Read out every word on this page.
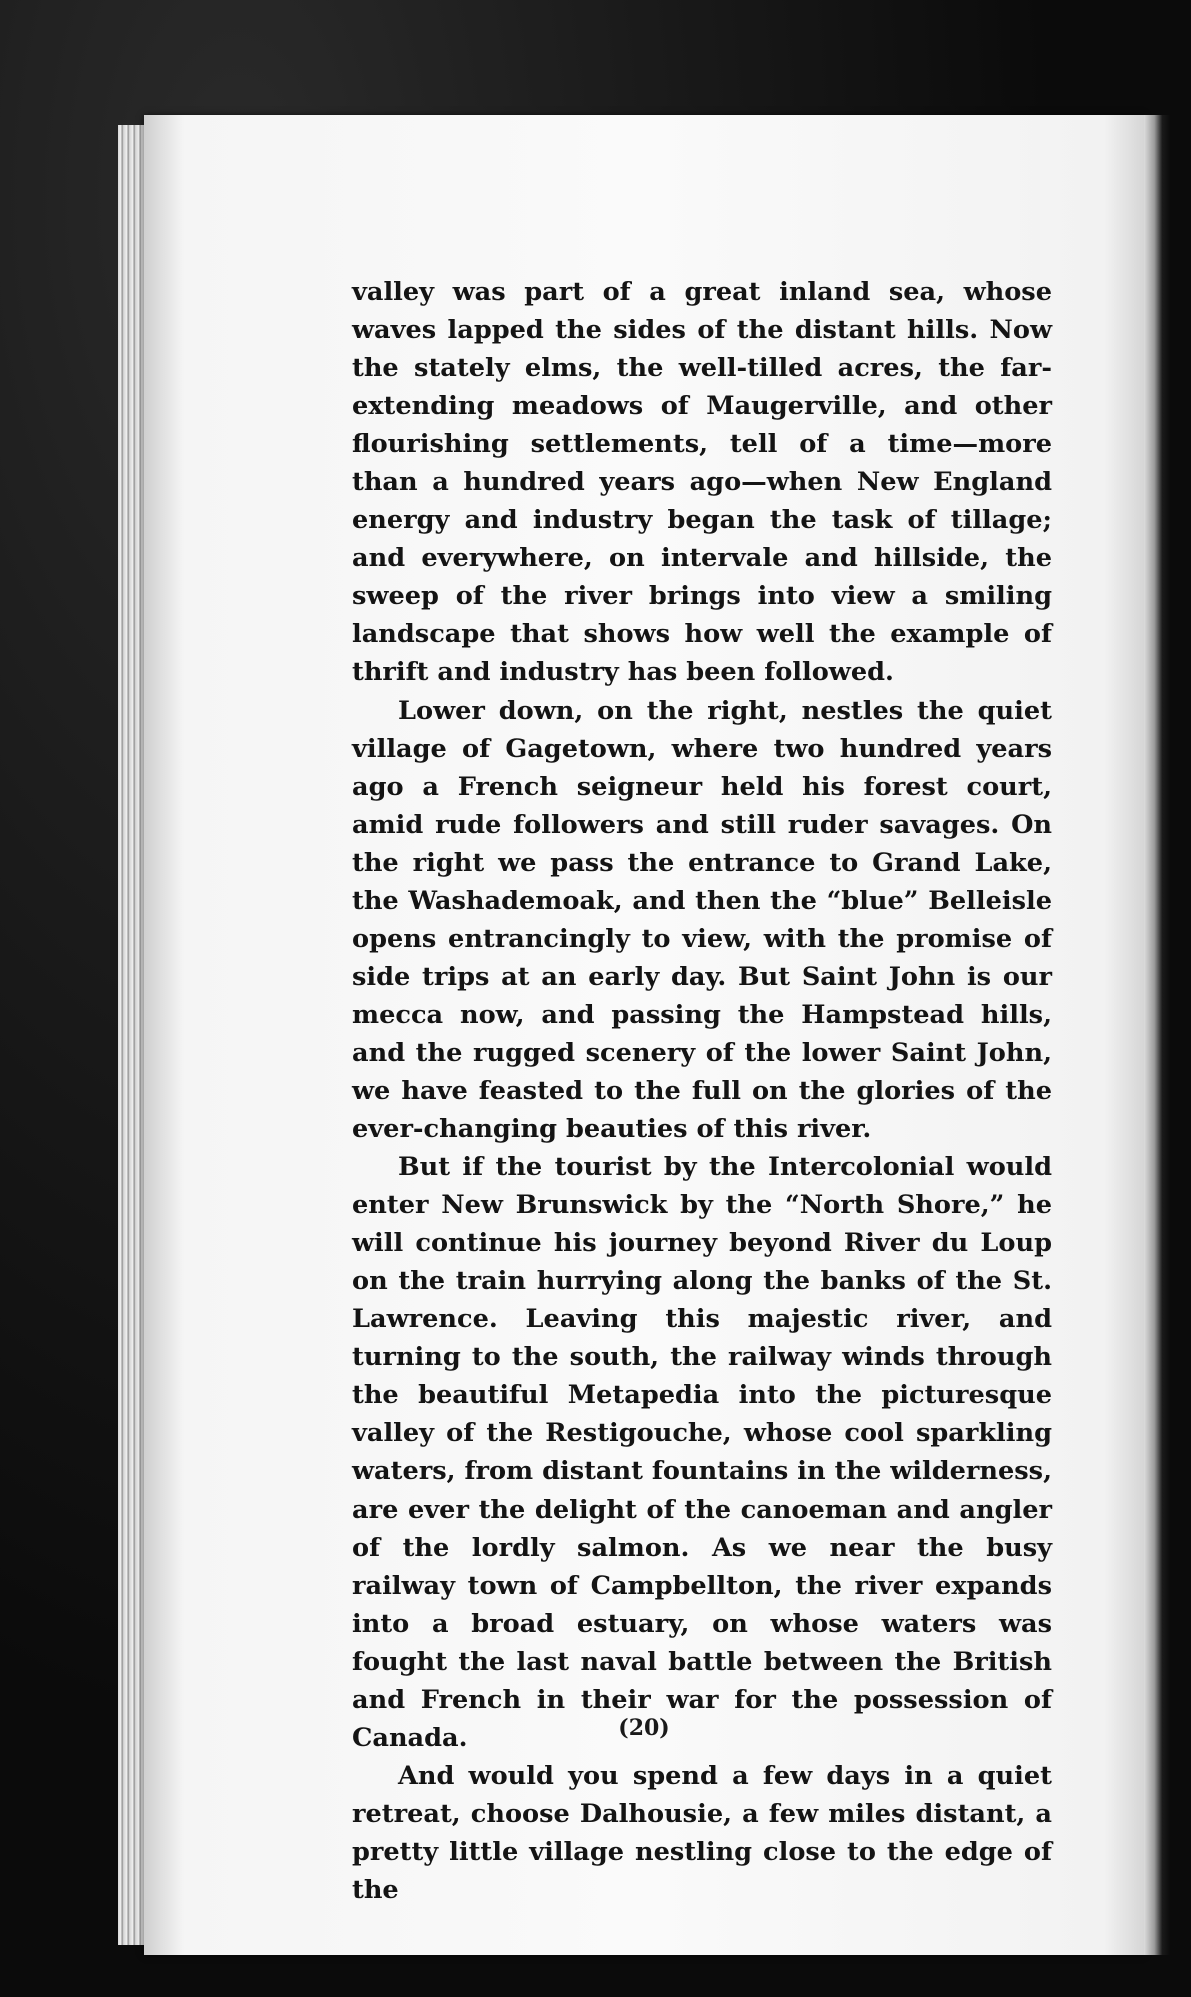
valley was part of a great inland sea, whose waves lapped the sides of the distant hills. Now the stately elms, the well-tilled acres, the far-extending meadows of Maugerville, and other flourishing settlements, tell of a time—more than a hundred years ago—when New England energy and industry began the task of tillage; and everywhere, on intervale and hillside, the sweep of the river brings into view a smiling landscape that shows how well the example of thrift and industry has been followed.

Lower down, on the right, nestles the quiet village of Gagetown, where two hundred years ago a French seigneur held his forest court, amid rude followers and still ruder savages. On the right we pass the entrance to Grand Lake, the Washademoak, and then the “blue” Belleisle opens entrancingly to view, with the promise of side trips at an early day. But Saint John is our mecca now, and passing the Hampstead hills, and the rugged scenery of the lower Saint John, we have feasted to the full on the glories of the ever-changing beauties of this river.

But if the tourist by the Intercolonial would enter New Brunswick by the “North Shore,” he will continue his journey beyond River du Loup on the train hurrying along the banks of the St. Lawrence. Leaving this majestic river, and turning to the south, the railway winds through the beautiful Metapedia into the picturesque valley of the Restigouche, whose cool sparkling waters, from distant fountains in the wilderness, are ever the delight of the canoeman and angler of the lordly salmon. As we near the busy railway town of Campbellton, the river expands into a broad estuary, on whose waters was fought the last naval battle between the British and French in their war for the possession of Canada.

And would you spend a few days in a quiet retreat, choose Dalhousie, a few miles distant, a pretty little village nestling close to the edge of the

(20)
